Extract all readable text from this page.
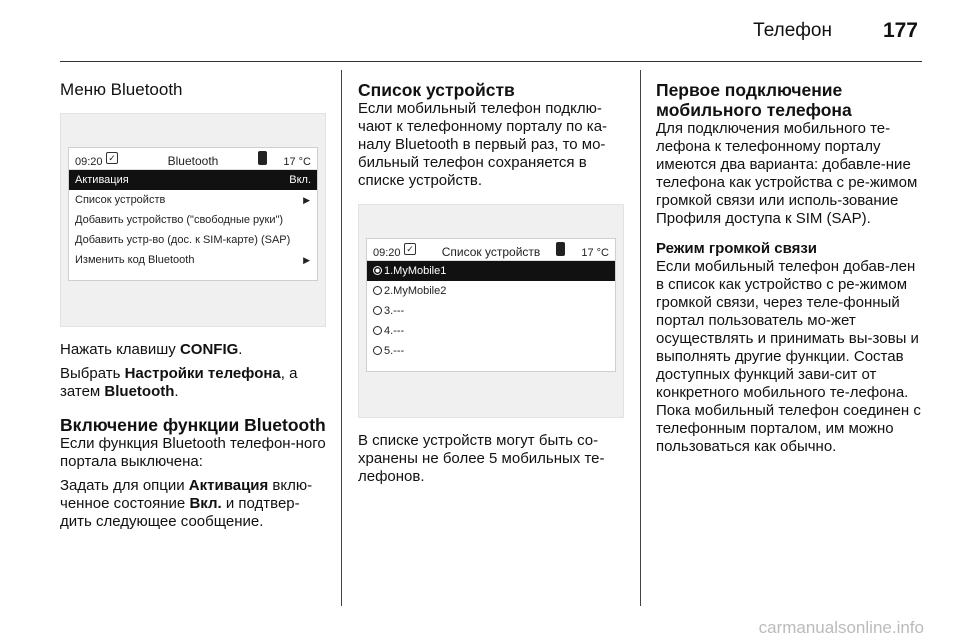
Телефон 177
Меню Bluetooth
Bluetooth
09:20 ✓	17 °C
Активация	Вкл.
Список устройств	▶
Добавить устройство ("свободные руки")
Добавить устр-во (дос. к SIM-карте) (SAP)
Изменить код Bluetooth	▶

Нажать клавишу CONFIG.

Выбрать Настройки телефона, а затем Bluetooth.

Включение функции Bluetooth

Если функция Bluetooth телефон-ного портала выключена:

Задать для опции Активация вклю-ченное состояние Вкл. и подтвер-дить следующее сообщение.

Список устройств

Если мобильный телефон подклю-чают к телефонному порталу по ка-налу Bluetooth в первый раз, то мо-бильный телефон сохраняется в списке устройств.

Список устройств
09:20 ✓	17 °C
1.MyMobile1
2.MyMobile2
3.---
4.---
5.---

В списке устройств могут быть со-хранены не более 5 мобильных те-лефонов.

Первое подключение мобильного телефона

Для подключения мобильного те-лефона к телефонному порталу имеются два варианта: добавле-ние телефона как устройства с ре-жимом громкой связи или исполь-зование Профиля доступа к SIM (SAP).

Режим громкой связи

Если мобильный телефон добав-лен в список как устройство с ре-жимом громкой связи, через теле-фонный портал пользователь мо-жет осуществлять и принимать вы-зовы и выполнять другие функции. Состав доступных функций зави-сит от конкретного мобильного те-лефона. Пока мобильный телефон соединен с телефонным порталом, им можно пользоваться как обычно.

carmanualsonline.info
